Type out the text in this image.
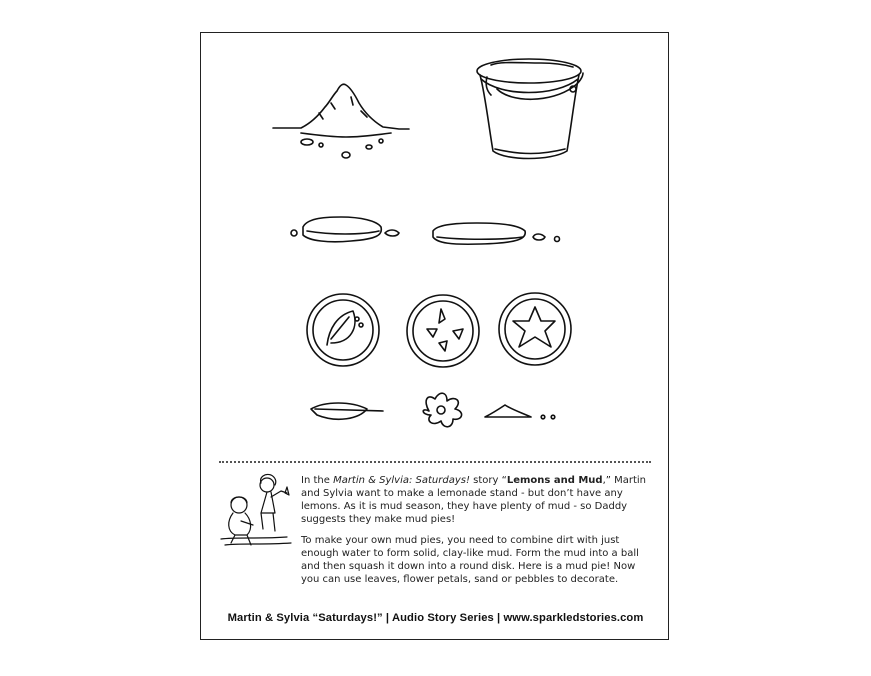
In the Martin & Sylvia: Saturdays! story “Lemons and Mud,” Martin and Sylvia want to make a lemonade stand - but don’t have any lemons. As it is mud season, they have plenty of mud - so Daddy suggests they make mud pies!

To make your own mud pies, you need to combine dirt with just enough water to form solid, clay-like mud. Form the mud into a ball and then squash it down into a round disk. Here is a mud pie! Now you can use leaves, flower petals, sand or pebbles to decorate.

Martin & Sylvia “Saturdays!” | Audio Story Series | www.sparkledstories.com
